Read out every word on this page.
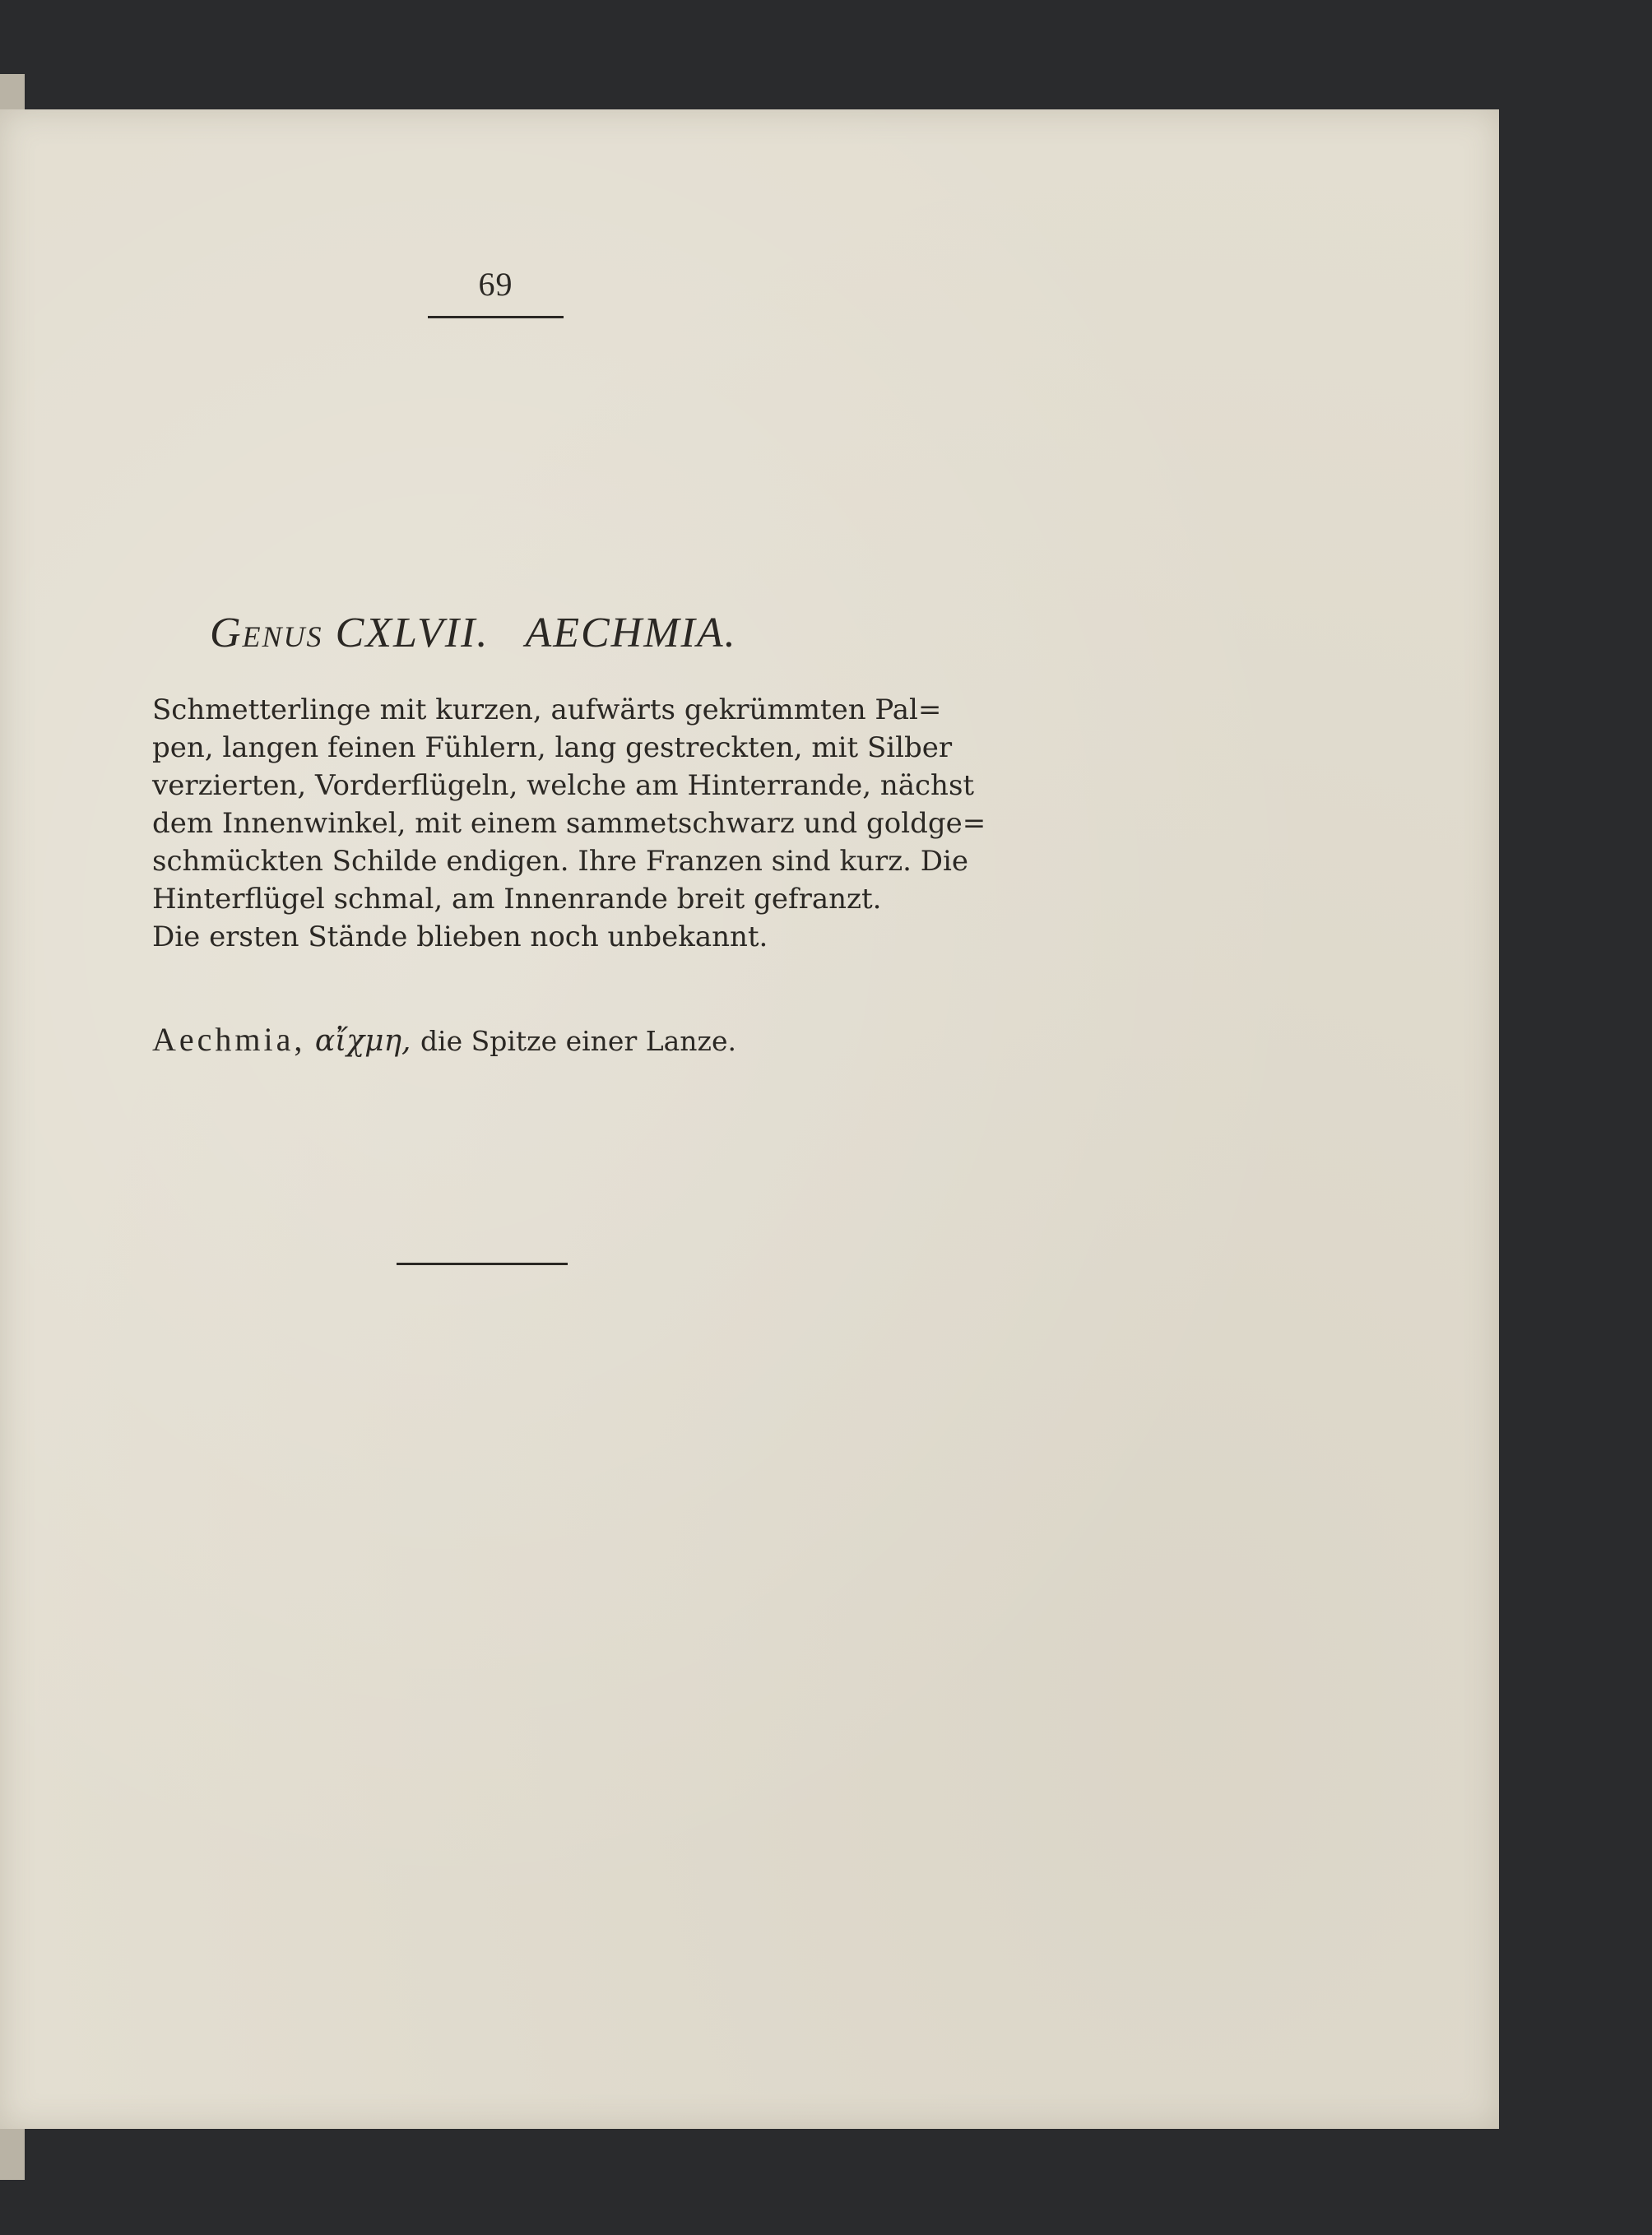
69
Genus CXLVII. AECHMIA.
Schmetterlinge mit kurzen, aufwärts gekrümmten Pal=
pen, langen feinen Fühlern, lang gestreckten, mit Silber
verzierten, Vorderflügeln, welche am Hinterrande, nächst
dem Innenwinkel, mit einem sammetschwarz und goldge=
schmückten Schilde endigen. Ihre Franzen sind kurz. Die
Hinterflügel schmal, am Innenrande breit gefranzt.
Die ersten Stände blieben noch unbekannt.
Aechmia, αἴχμη, die Spitze einer Lanze.
